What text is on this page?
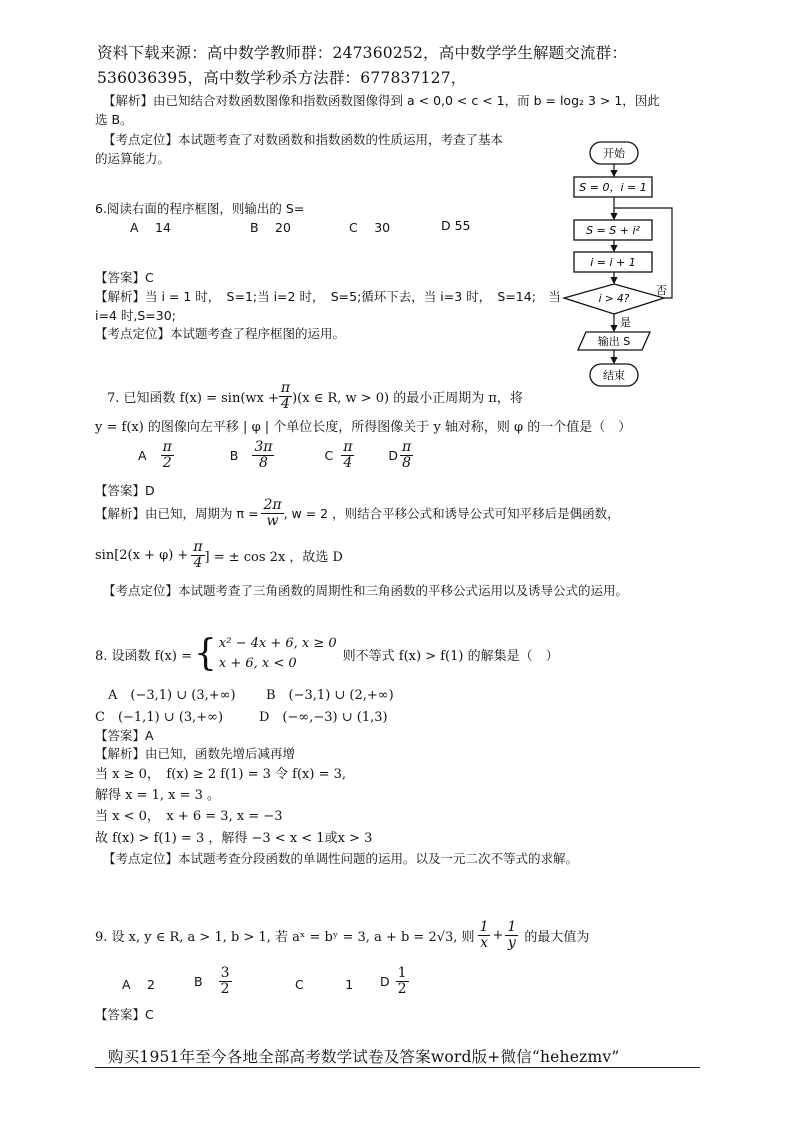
资料下载来源：高中数学教师群：247360252，高中数学学生解题交流群：
536036395，高中数学秒杀方法群：677837127，
【解析】由已知结合对数函数图像和指数函数图像得到 a < 0,0 < c < 1，而 b = log₂ 3 > 1，因此
选 B。
【考点定位】本试题考查了对数函数和指数函数的性质运用，考查了基本
的运算能力。	开始
S = 0，i = 1
S = S + i²
i = i + 1
i > 4?
否
是
输出 S
结束
6.阅读右面的程序框图，则输出的 S=
A　 14	B　 20	C　 30	D 55
【答案】C
【解析】当 i = 1 时，　S=1;当 i=2 时，　S=5;循环下去，当 i=3 时，　S=14;　当
i=4 时,S=30;
【考点定位】本试题考查了程序框图的运用。
7. 已知函数 $f(x) = \sin(wx + \frac{\pi}{4} )(x$ ∈ R, w > 0) 的最小正周期为 π，将
y = f(x) 的图像向左平移 | φ | 个单位长度，所得图像关于 y 轴对称，则 φ 的一个值是（　）
A $\frac{\pi}{2}$	B $\frac{3\pi}{8}$	C $\frac{\pi}{4}$	D $\frac{\pi}{8}$
【答案】D
【解析】由已知，周期为 $\pi = \frac{2\pi}{w}$ , w = 2 ，则结合平移公式和诱导公式可知平移后是偶函数，
$\sin[2(x + \varphi) + \frac{\pi}{4}$ ] = ± cos 2x ，故选 D
【考点定位】本试题考查了三角函数的周期性和三角函数的平移公式运用以及诱导公式的运用。
8. 设函数 f(x) = { x² − 4x + 6, x ≥ 0
x + 6, x < 0	则不等式 f(x) > f(1) 的解集是（　）
A　(−3,1) ∪ (3,+∞) B　(−3,1) ∪ (2,+∞)
C　(−1,1) ∪ (3,+∞)	D　(−∞,−3) ∪ (1,3)
【答案】A
【解析】由已知，函数先增后减再增
当 x ≥ 0，　f(x) ≥ 2 f(1) = 3 令 f(x) = 3,
解得 x = 1, x = 3 。
当 x < 0，　x + 6 = 3, x = −3
故 f(x) > f(1) = 3 ，解得 −3 < x < 1或x > 3
【考点定位】本试题考查分段函数的单调性问题的运用。以及一元二次不等式的求解。
9. 设 x, y ∈ R, a > 1, b > 1, 若 aˣ = bʸ = 3, a + b = 2√3, 则 $\frac{1}{x} + \frac{1}{y}$ 的最大值为
A　 2	B $\frac{3}{2}$	C　　　 1 D $\frac{1}{2}$
【答案】C
购买1951年至今各地全部高考数学试卷及答案word版+微信“hehezmv”
